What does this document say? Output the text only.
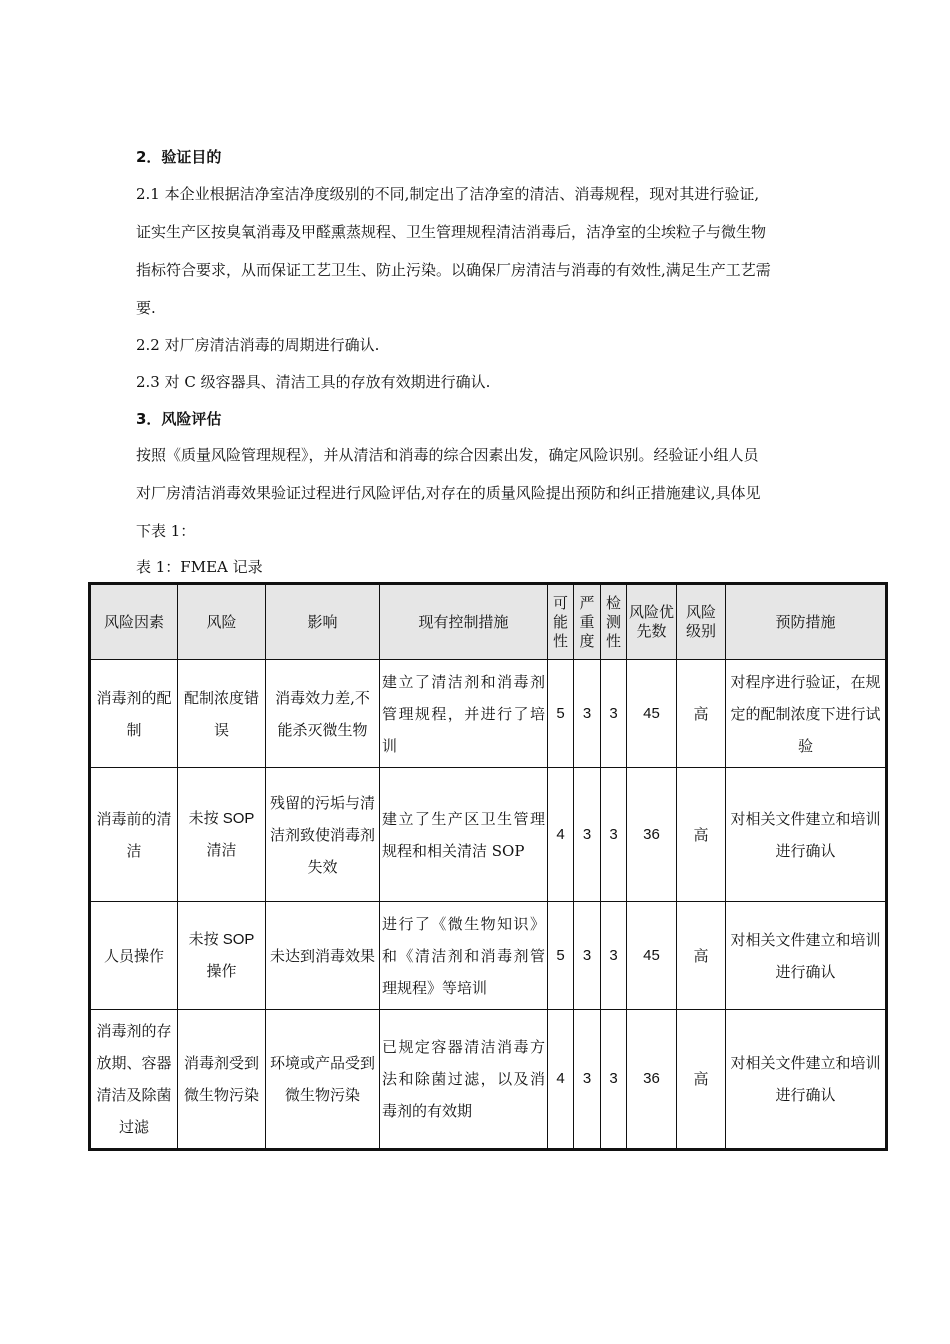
2．验证目的
2.1 本企业根据洁净室洁净度级别的不同,制定出了洁净室的清洁、消毒规程，现对其进行验证,
证实生产区按臭氧消毒及甲醛熏蒸规程、卫生管理规程清洁消毒后，洁净室的尘埃粒子与微生物
指标符合要求，从而保证工艺卫生、防止污染。以确保厂房清洁与消毒的有效性,满足生产工艺需
要.
2.2 对厂房清洁消毒的周期进行确认.
2.3 对 C 级容器具、清洁工具的存放有效期进行确认.
3．风险评估
按照《质量风险管理规程》，并从清洁和消毒的综合因素出发，确定风险识别。经验证小组人员
对厂房清洁消毒效果验证过程进行风险评估,对存在的质量风险提出预防和纠正措施建议,具体见
下表 1：
表 1：FMEA 记录
风险因素	风险	影响	现有控制措施	可能性	严重度	检测性	风险优先数	风险级别	预防措施
消毒剂的配制	配制浓度错误	消毒效力差,不能杀灭微生物	建立了清洁剂和消毒剂管理规程，并进行了培训	5	3	3	45	高	对程序进行验证，在规定的配制浓度下进行试验
消毒前的清洁	未按 SOP 清洁	残留的污垢与清洁剂致使消毒剂失效	建立了生产区卫生管理规程和相关清洁 SOP	4	3	3	36	高	对相关文件建立和培训进行确认
人员操作	未按 SOP 操作	未达到消毒效果	进行了《微生物知识》和《清洁剂和消毒剂管理规程》等培训	5	3	3	45	高	对相关文件建立和培训进行确认
消毒剂的存放期、容器清洁及除菌过滤	消毒剂受到微生物污染	环境或产品受到微生物污染	已规定容器清洁消毒方法和除菌过滤，以及消毒剂的有效期	4	3	3	36	高	对相关文件建立和培训进行确认
